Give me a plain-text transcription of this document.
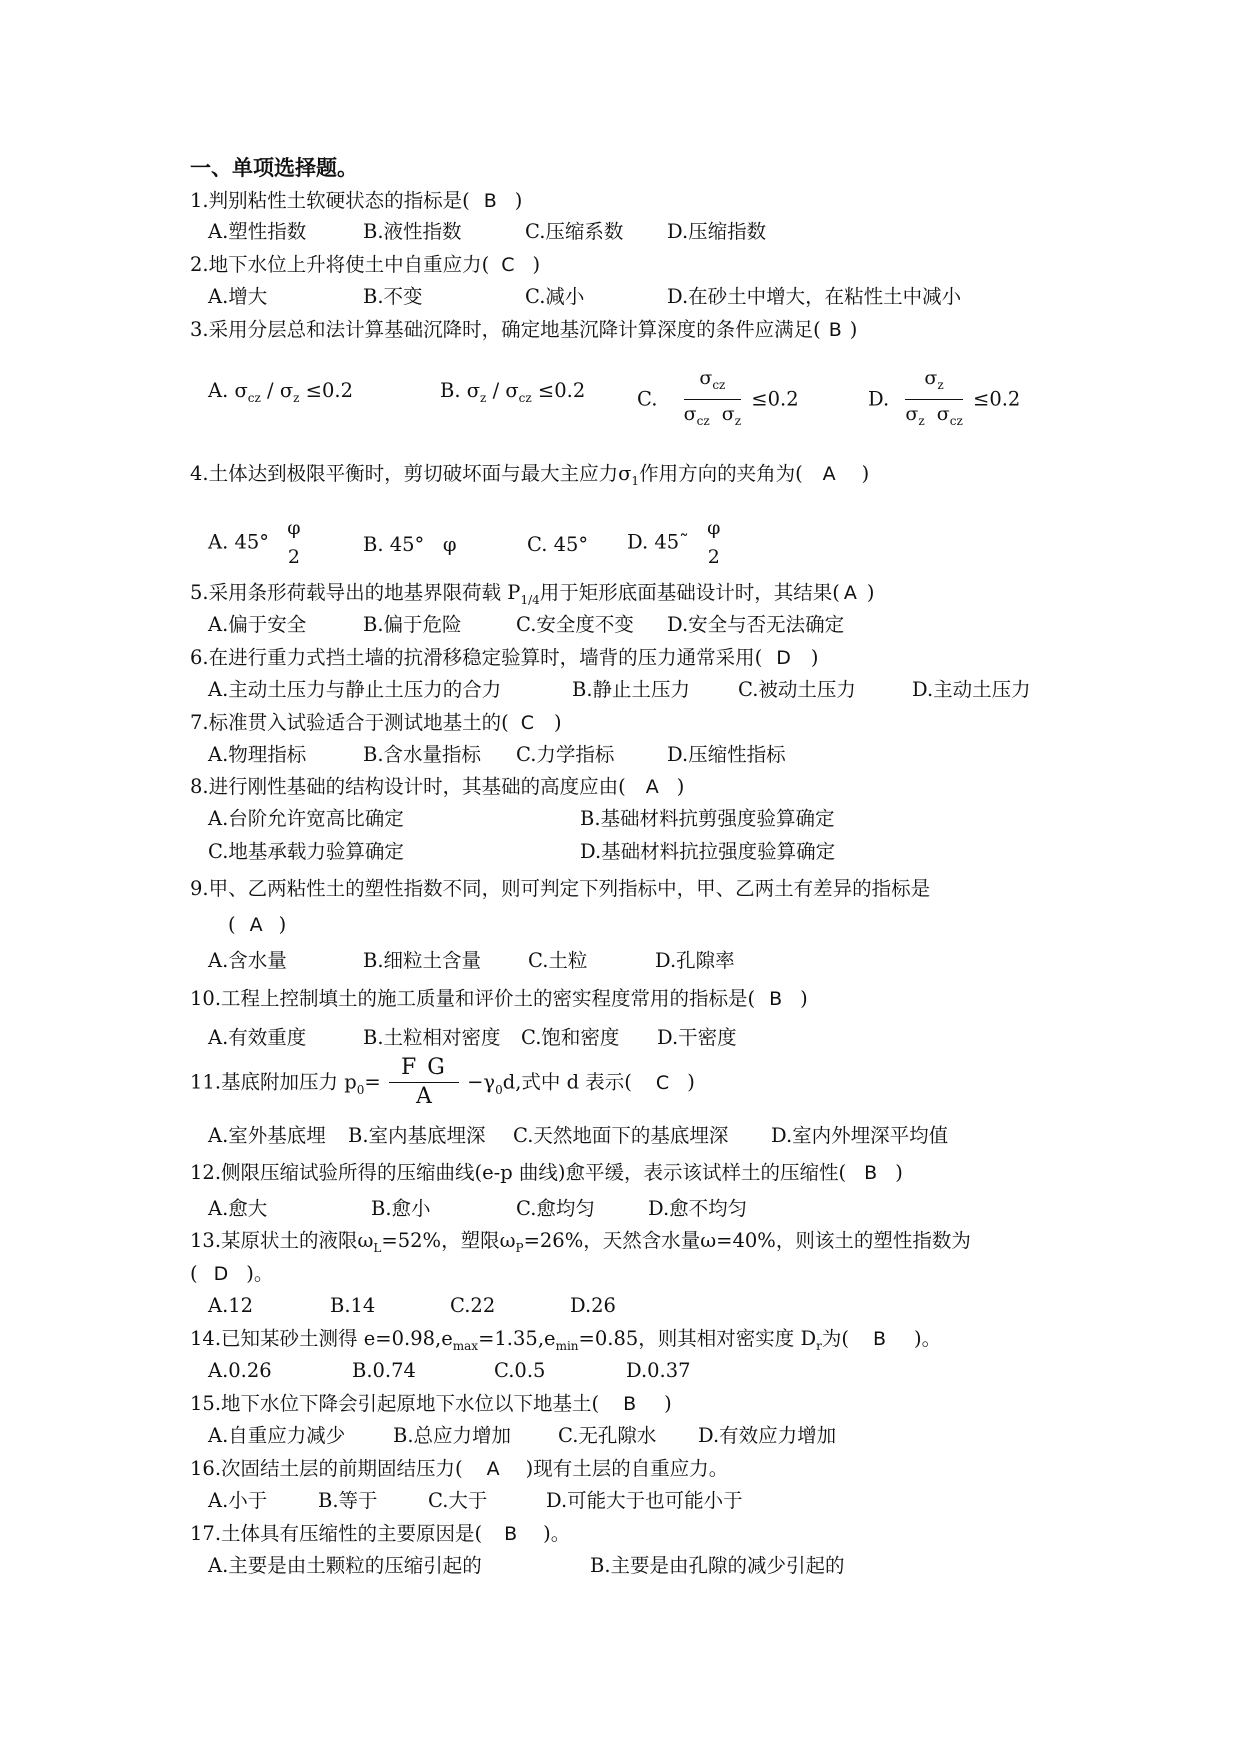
一、单项选择题。
1.判别粘性土软硬状态的指标是( B )
A.塑性指数	B.液性指数	C.压缩系数 D.压缩指数
2.地下水位上升将使土中自重应力( C )
A.增大	B.不变	C.减小	D.在砂土中增大，在粘性土中减小
3.采用分层总和法计算基础沉降时，确定地基沉降计算深度的条件应满足( B )
A. $\sigma_{cz} / \sigma_z \le 0.2$	B. $\sigma_z / \sigma_{cz} \le 0.2$	C. $\frac{\sigma_{cz}}{\sigma_{cz} \sigma_z} \le 0.2$	D. $\frac{\sigma_z}{\sigma_z \sigma_{cz}} \le 0.2$
4.土体达到极限平衡时，剪切破坏面与最大主应力$\sigma_1$作用方向的夹角为( A )
A. 45°
φ
2
B. 45° φ	C. 45° D. 45˜
φ
2
5.采用条形荷载导出的地基界限荷载 $P_{1/4}$用于矩形底面基础设计时，其结果( A )
A.偏于安全	B.偏于危险	C.安全度不变 D.安全与否无法确定
6.在进行重力式挡土墙的抗滑移稳定验算时，墙背的压力通常采用( D )
A.主动土压力与静止土压力的合力	B.静止土压力 C.被动土压力	D.主动土压力
7.标准贯入试验适合于测试地基土的( C )
A.物理指标	B.含水量指标 C.力学指标	D.压缩性指标
8.进行刚性基础的结构设计时，其基础的高度应由( A )
A.台阶允许宽高比确定	B.基础材料抗剪强度验算确定
C.地基承载力验算确定	D.基础材料抗拉强度验算确定
9.甲、乙两粘性土的塑性指数不同，则可判定下列指标中，甲、乙两土有差异的指标是
( A )
A.含水量	B.细粒土含量 C.土粒	D.孔隙率
10.工程上控制填土的施工质量和评价土的密实程度常用的指标是( B )
A.有效重度	B.土粒相对密度 C.饱和密度 D.干密度
11.基底附加压力 $p_0= \frac{\text{F G}}{A} -\gamma_0d$,式中 d 表示( C )
A.室外基底埋 B.室内基底埋深 C.天然地面下的基底埋深 D.室内外埋深平均值
12.侧限压缩试验所得的压缩曲线(e-p 曲线)愈平缓，表示该试样土的压缩性( B )
A.愈大	B.愈小	C.愈均匀	D.愈不均匀
13.某原状土的液限$\omega_L=52\%$，塑限$\omega_P=26\%$，天然含水量ω=40%，则该土的塑性指数为
( D )。
A.12	B.14	C.22	D.26
14.已知某砂土测得 $e=0.98,e_{max}=1.35,e_{min}=0.85$，则其相对密实度 $D_r$为( B )。
A.0.26	B.0.74	C.0.5	D.0.37
15.地下水位下降会引起原地下水位以下地基土( B )
A.自重应力减少 B.总应力增加 C.无孔隙水 D.有效应力增加
16.次固结土层的前期固结压力( A )现有土层的自重应力。
A.小于	B.等于	C.大于	D.可能大于也可能小于
17.土体具有压缩性的主要原因是( B )。
A.主要是由土颗粒的压缩引起的	B.主要是由孔隙的减少引起的
